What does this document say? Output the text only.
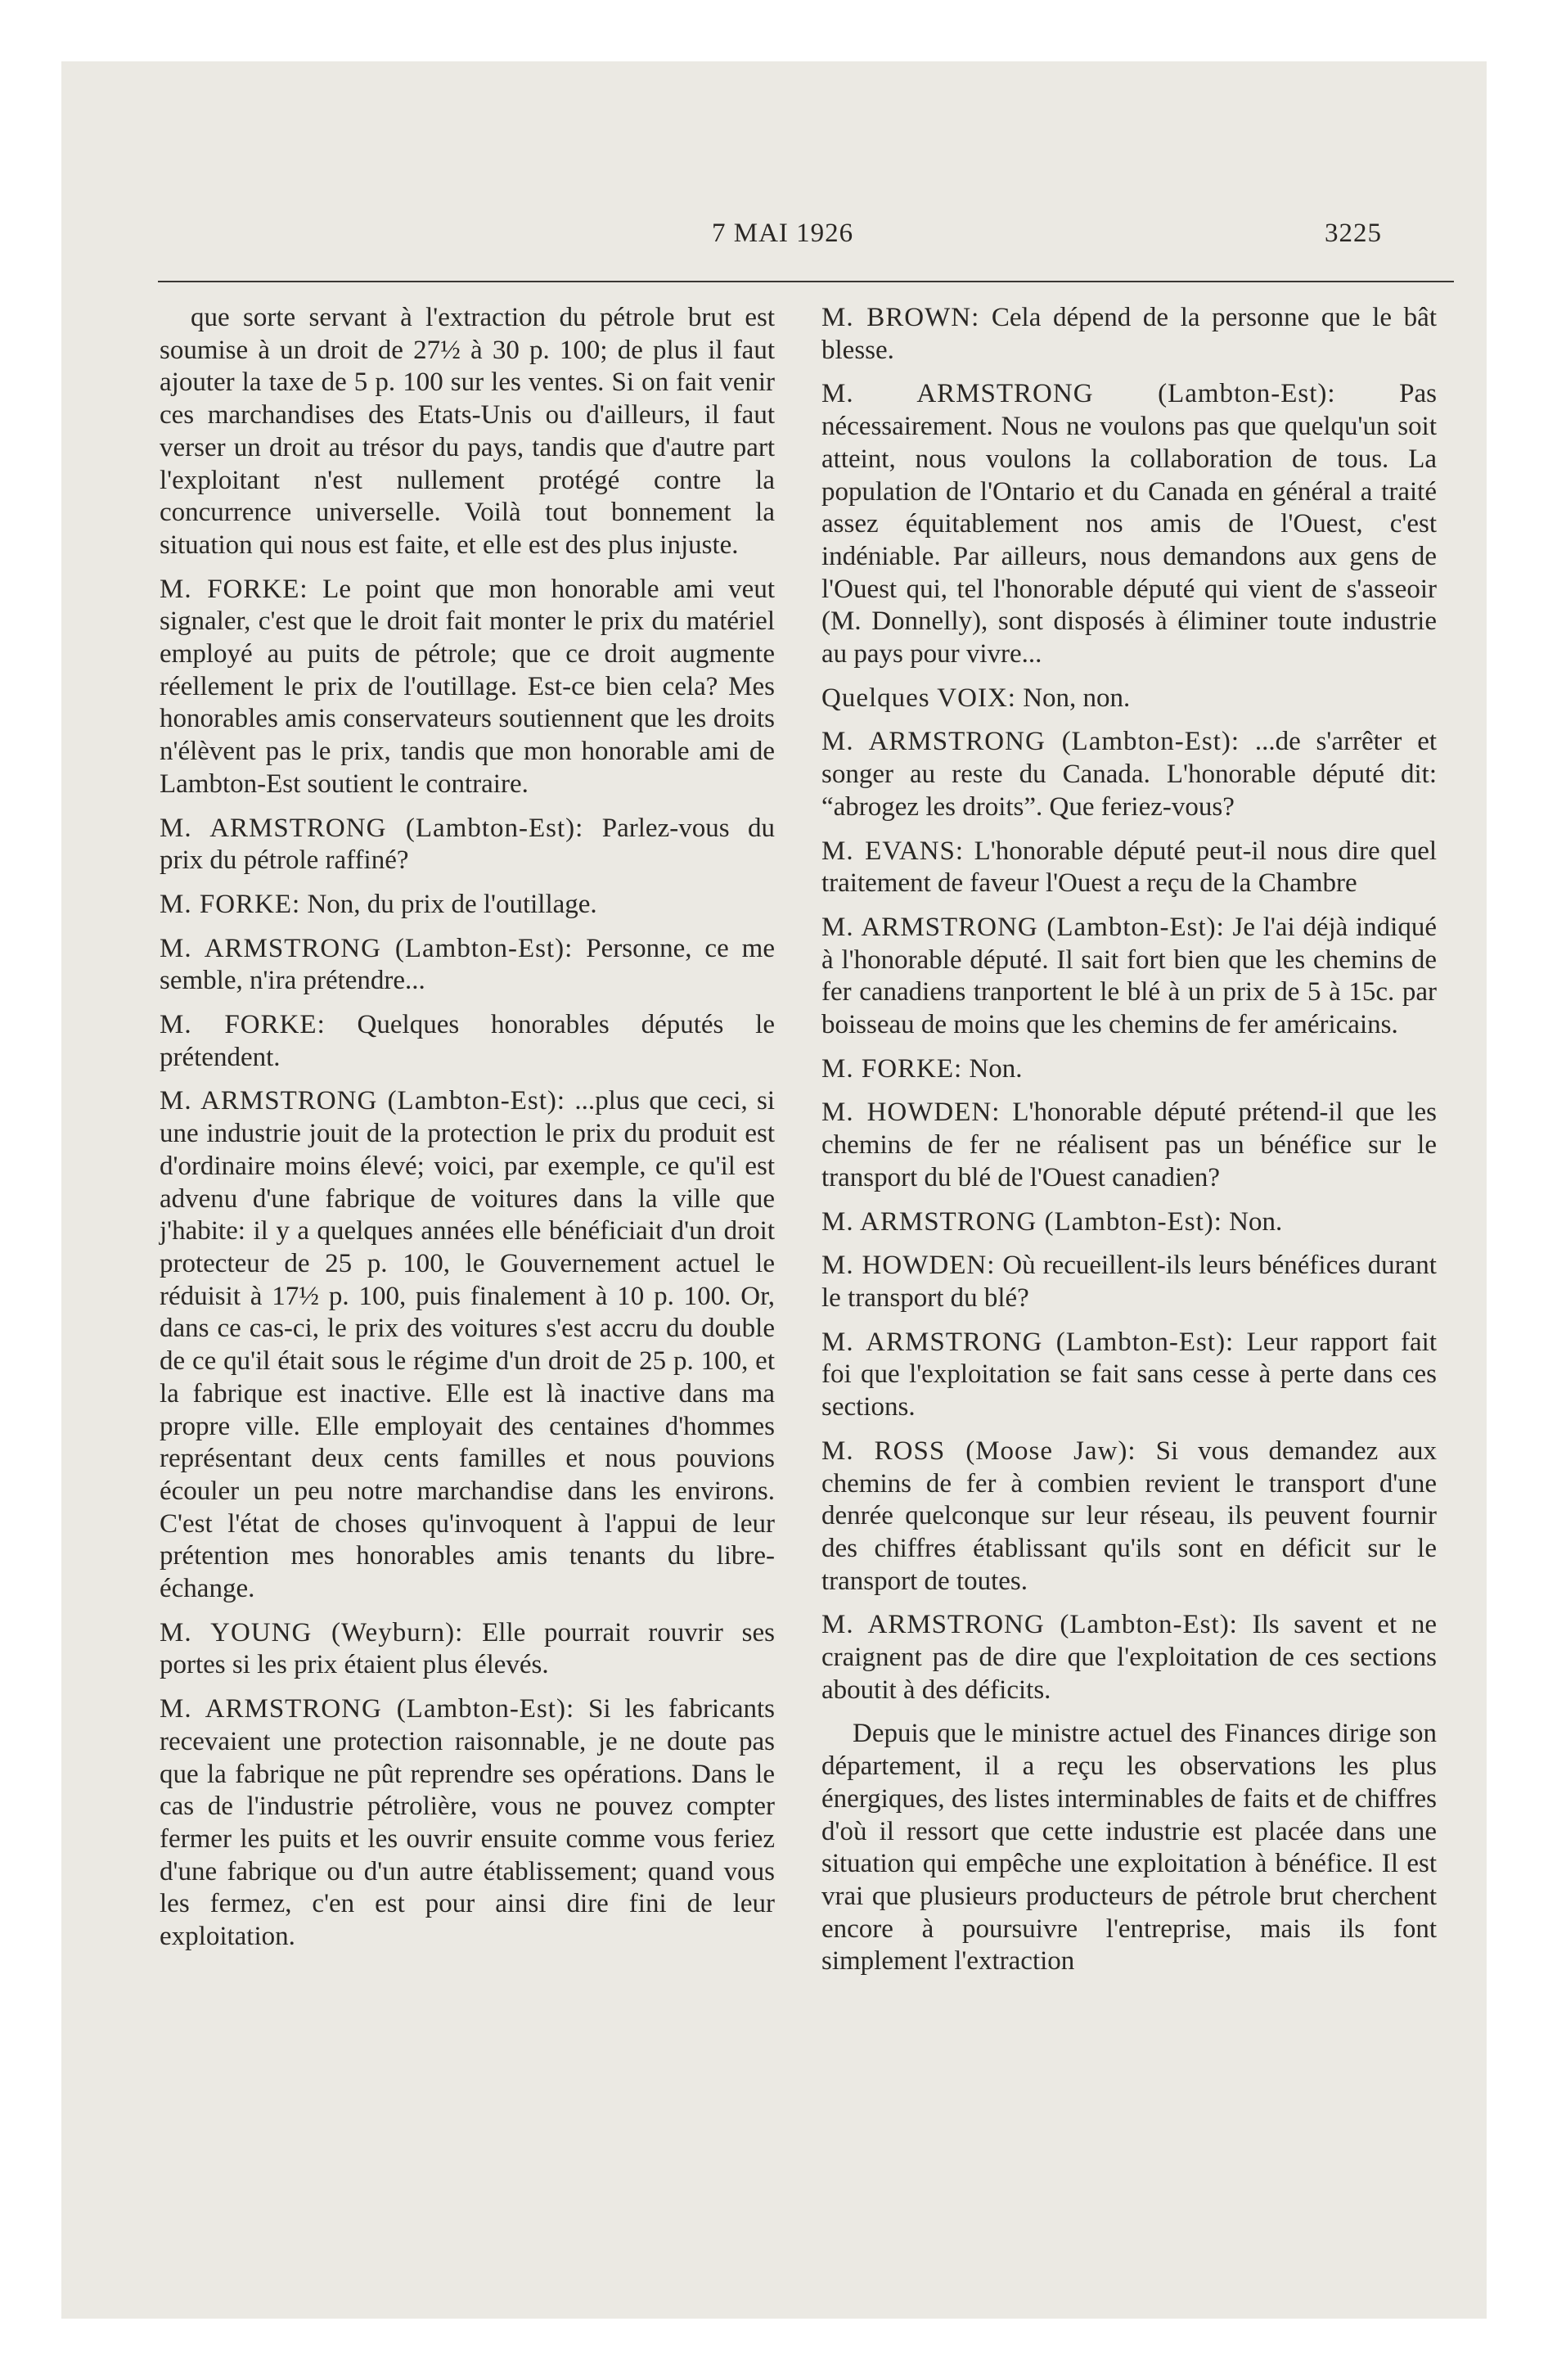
7 MAI 1926	3225

que sorte servant à l'extraction du pétrole brut est soumise à un droit de 27½ à 30 p. 100; de plus il faut ajouter la taxe de 5 p. 100 sur les ventes. Si on fait venir ces marchandises des Etats-Unis ou d'ailleurs, il faut verser un droit au trésor du pays, tandis que d'autre part l'exploitant n'est nullement protégé contre la concurrence universelle. Voilà tout bonnement la situation qui nous est faite, et elle est des plus injuste.

M. FORKE: Le point que mon honorable ami veut signaler, c'est que le droit fait monter le prix du matériel employé au puits de pétrole; que ce droit augmente réellement le prix de l'outillage. Est-ce bien cela? Mes honorables amis conservateurs soutiennent que les droits n'élèvent pas le prix, tandis que mon honorable ami de Lambton-Est soutient le contraire.

M. ARMSTRONG (Lambton-Est): Parlez-vous du prix du pétrole raffiné?

M. FORKE: Non, du prix de l'outillage.

M. ARMSTRONG (Lambton-Est): Personne, ce me semble, n'ira prétendre...

M. FORKE: Quelques honorables députés le prétendent.

M. ARMSTRONG (Lambton-Est): ...plus que ceci, si une industrie jouit de la protection le prix du produit est d'ordinaire moins élevé; voici, par exemple, ce qu'il est advenu d'une fabrique de voitures dans la ville que j'habite: il y a quelques années elle bénéficiait d'un droit protecteur de 25 p. 100, le Gouvernement actuel le réduisit à 17½ p. 100, puis finalement à 10 p. 100. Or, dans ce cas-ci, le prix des voitures s'est accru du double de ce qu'il était sous le régime d'un droit de 25 p. 100, et la fabrique est inactive. Elle est là inactive dans ma propre ville. Elle employait des centaines d'hommes représentant deux cents familles et nous pouvions écouler un peu notre marchandise dans les environs. C'est l'état de choses qu'invoquent à l'appui de leur prétention mes honorables amis tenants du libre-échange.

M. YOUNG (Weyburn): Elle pourrait rouvrir ses portes si les prix étaient plus élevés.

M. ARMSTRONG (Lambton-Est): Si les fabricants recevaient une protection raisonnable, je ne doute pas que la fabrique ne pût reprendre ses opérations. Dans le cas de l'industrie pétrolière, vous ne pouvez compter fermer les puits et les ouvrir ensuite comme vous feriez d'une fabrique ou d'un autre établissement; quand vous les fermez, c'en est pour ainsi dire fini de leur exploitation.

M. BROWN: Cela dépend de la personne que le bât blesse.

M. ARMSTRONG (Lambton-Est): Pas nécessairement. Nous ne voulons pas que quelqu'un soit atteint, nous voulons la collaboration de tous. La population de l'Ontario et du Canada en général a traité assez équitablement nos amis de l'Ouest, c'est indéniable. Par ailleurs, nous demandons aux gens de l'Ouest qui, tel l'honorable député qui vient de s'asseoir (M. Donnelly), sont disposés à éliminer toute industrie au pays pour vivre...

Quelques VOIX: Non, non.

M. ARMSTRONG (Lambton-Est): ...de s'arrêter et songer au reste du Canada. L'honorable député dit: “abrogez les droits”. Que feriez-vous?

M. EVANS: L'honorable député peut-il nous dire quel traitement de faveur l'Ouest a reçu de la Chambre

M. ARMSTRONG (Lambton-Est): Je l'ai déjà indiqué à l'honorable député. Il sait fort bien que les chemins de fer canadiens tranportent le blé à un prix de 5 à 15c. par boisseau de moins que les chemins de fer américains.

M. FORKE: Non.

M. HOWDEN: L'honorable député prétend-il que les chemins de fer ne réalisent pas un bénéfice sur le transport du blé de l'Ouest canadien?

M. ARMSTRONG (Lambton-Est): Non.

M. HOWDEN: Où recueillent-ils leurs bénéfices durant le transport du blé?

M. ARMSTRONG (Lambton-Est): Leur rapport fait foi que l'exploitation se fait sans cesse à perte dans ces sections.

M. ROSS (Moose Jaw): Si vous demandez aux chemins de fer à combien revient le transport d'une denrée quelconque sur leur réseau, ils peuvent fournir des chiffres établissant qu'ils sont en déficit sur le transport de toutes.

M. ARMSTRONG (Lambton-Est): Ils savent et ne craignent pas de dire que l'exploitation de ces sections aboutit à des déficits.

Depuis que le ministre actuel des Finances dirige son département, il a reçu les observations les plus énergiques, des listes interminables de faits et de chiffres d'où il ressort que cette industrie est placée dans une situation qui empêche une exploitation à bénéfice. Il est vrai que plusieurs producteurs de pétrole brut cherchent encore à poursuivre l'entreprise, mais ils font simplement l'extraction
